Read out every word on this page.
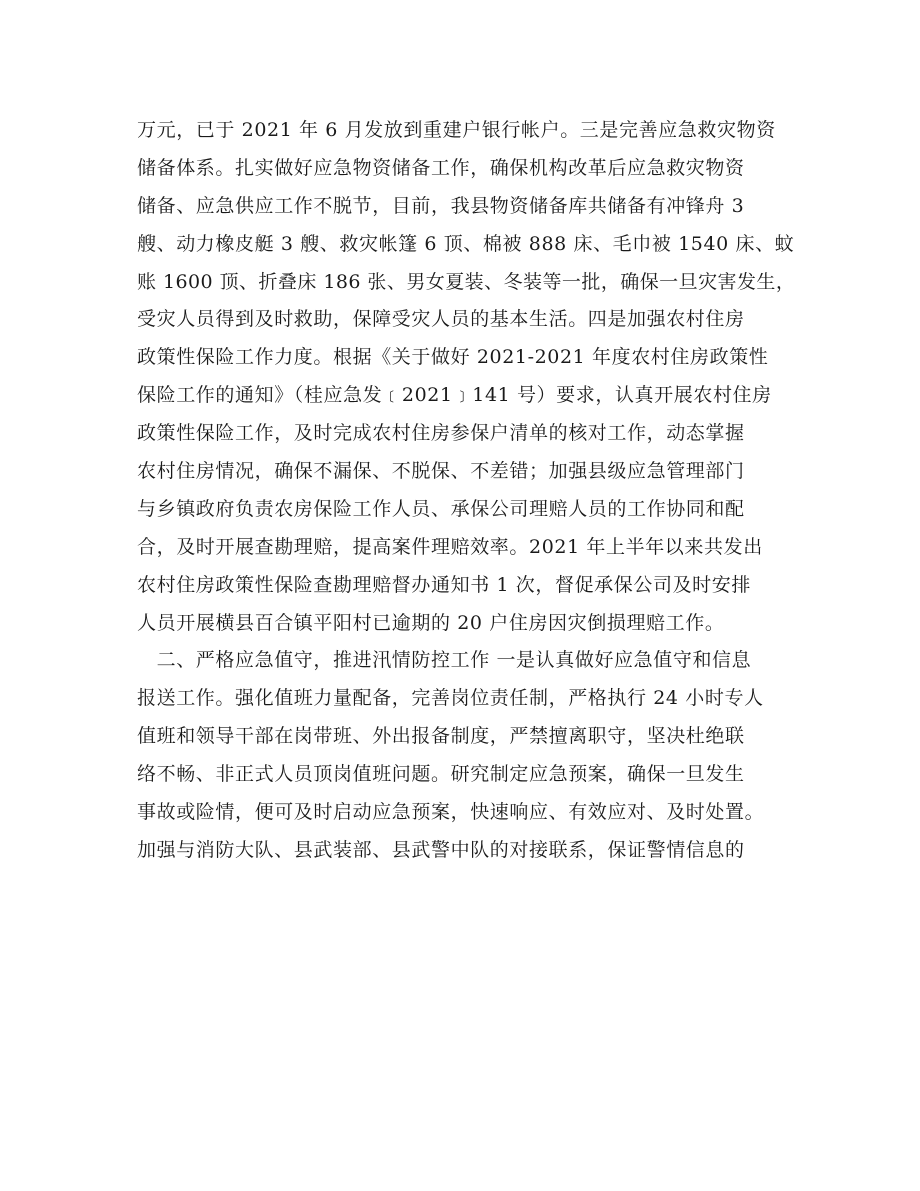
万元，已于 2021 年 6 月发放到重建户银行帐户。三是完善应急救灾物资
储备体系。扎实做好应急物资储备工作，确保机构改革后应急救灾物资
储备、应急供应工作不脱节，目前，我县物资储备库共储备有冲锋舟 3
艘、动力橡皮艇 3 艘、救灾帐篷 6 顶、棉被 888 床、毛巾被 1540 床、蚊
账 1600 顶、折叠床 186 张、男女夏装、冬装等一批，确保一旦灾害发生，
受灾人员得到及时救助，保障受灾人员的基本生活。四是加强农村住房
政策性保险工作力度。根据《关于做好 2021-2021 年度农村住房政策性
保险工作的通知》（桂应急发﹝2021﹞141 号）要求，认真开展农村住房
政策性保险工作，及时完成农村住房参保户清单的核对工作，动态掌握
农村住房情况，确保不漏保、不脱保、不差错；加强县级应急管理部门
与乡镇政府负责农房保险工作人员、承保公司理赔人员的工作协同和配
合，及时开展查勘理赔，提高案件理赔效率。2021 年上半年以来共发出
农村住房政策性保险查勘理赔督办通知书 1 次，督促承保公司及时安排
人员开展横县百合镇平阳村已逾期的 20 户住房因灾倒损理赔工作。
　二、严格应急值守，推进汛情防控工作 一是认真做好应急值守和信息
报送工作。强化值班力量配备，完善岗位责任制，严格执行 24 小时专人
值班和领导干部在岗带班、外出报备制度，严禁擅离职守，坚决杜绝联
络不畅、非正式人员顶岗值班问题。研究制定应急预案，确保一旦发生
事故或险情，便可及时启动应急预案，快速响应、有效应对、及时处置。
加强与消防大队、县武装部、县武警中队的对接联系，保证警情信息的
